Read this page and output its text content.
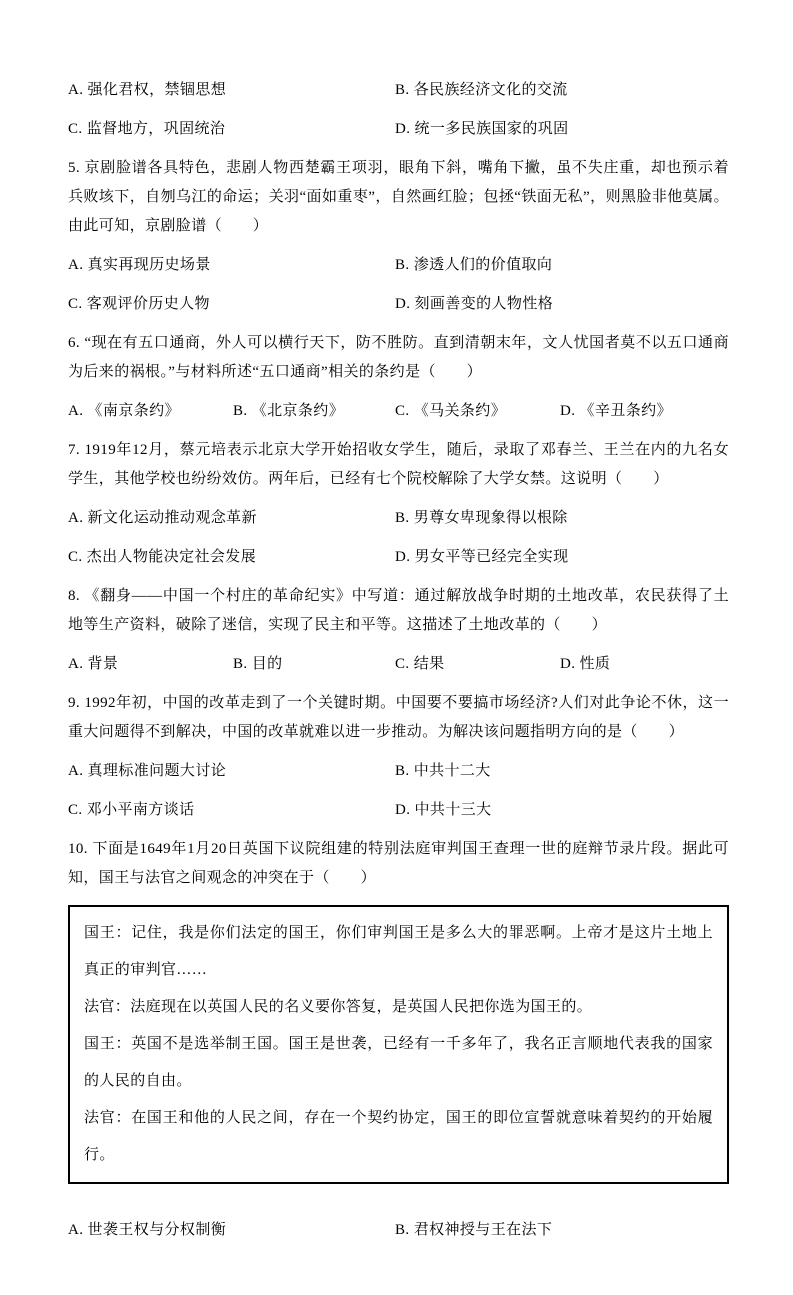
A. 强化君权，禁锢思想	B. 各民族经济文化的交流
C. 监督地方，巩固统治	D. 统一多民族国家的巩固

5. 京剧脸谱各具特色，悲剧人物西楚霸王项羽，眼角下斜，嘴角下撇，虽不失庄重，却也预示着兵败垓下，自刎乌江的命运；关羽“面如重枣”，自然画红脸；包拯“铁面无私”，则黑脸非他莫属。由此可知，京剧脸谱（　　）

A. 真实再现历史场景	B. 渗透人们的价值取向
C. 客观评价历史人物	D. 刻画善变的人物性格

6. “现在有五口通商，外人可以横行天下，防不胜防。直到清朝末年，文人忧国者莫不以五口通商为后来的祸根。”与材料所述“五口通商”相关的条约是（　　）

A. 《南京条约》	B. 《北京条约》	C. 《马关条约》	D. 《辛丑条约》

7. 1919年12月，蔡元培表示北京大学开始招收女学生，随后，录取了邓春兰、王兰在内的九名女学生，其他学校也纷纷效仿。两年后，已经有七个院校解除了大学女禁。这说明（　　）

A. 新文化运动推动观念革新	B. 男尊女卑现象得以根除
C. 杰出人物能决定社会发展	D. 男女平等已经完全实现

8. 《翻身——中国一个村庄的革命纪实》中写道：通过解放战争时期的土地改革，农民获得了土地等生产资料，破除了迷信，实现了民主和平等。这描述了土地改革的（　　）

A. 背景	B. 目的	C. 结果	D. 性质

9. 1992年初，中国的改革走到了一个关键时期。中国要不要搞市场经济?人们对此争论不休，这一重大问题得不到解决，中国的改革就难以进一步推动。为解决该问题指明方向的是（　　）

A. 真理标准问题大讨论	B. 中共十二大
C. 邓小平南方谈话	D. 中共十三大

10. 下面是1649年1月20日英国下议院组建的特别法庭审判国王查理一世的庭辩节录片段。据此可知，国王与法官之间观念的冲突在于（　　）

国王：记住，我是你们法定的国王，你们审判国王是多么大的罪恶啊。上帝才是这片土地上真正的审判官……

法官：法庭现在以英国人民的名义要你答复，是英国人民把你选为国王的。

国王：英国不是选举制王国。国王是世袭，已经有一千多年了，我名正言顺地代表我的国家的人民的自由。

法官：在国王和他的人民之间，存在一个契约协定，国王的即位宣誓就意味着契约的开始履行。

A. 世袭王权与分权制衡	B. 君权神授与王在法下
